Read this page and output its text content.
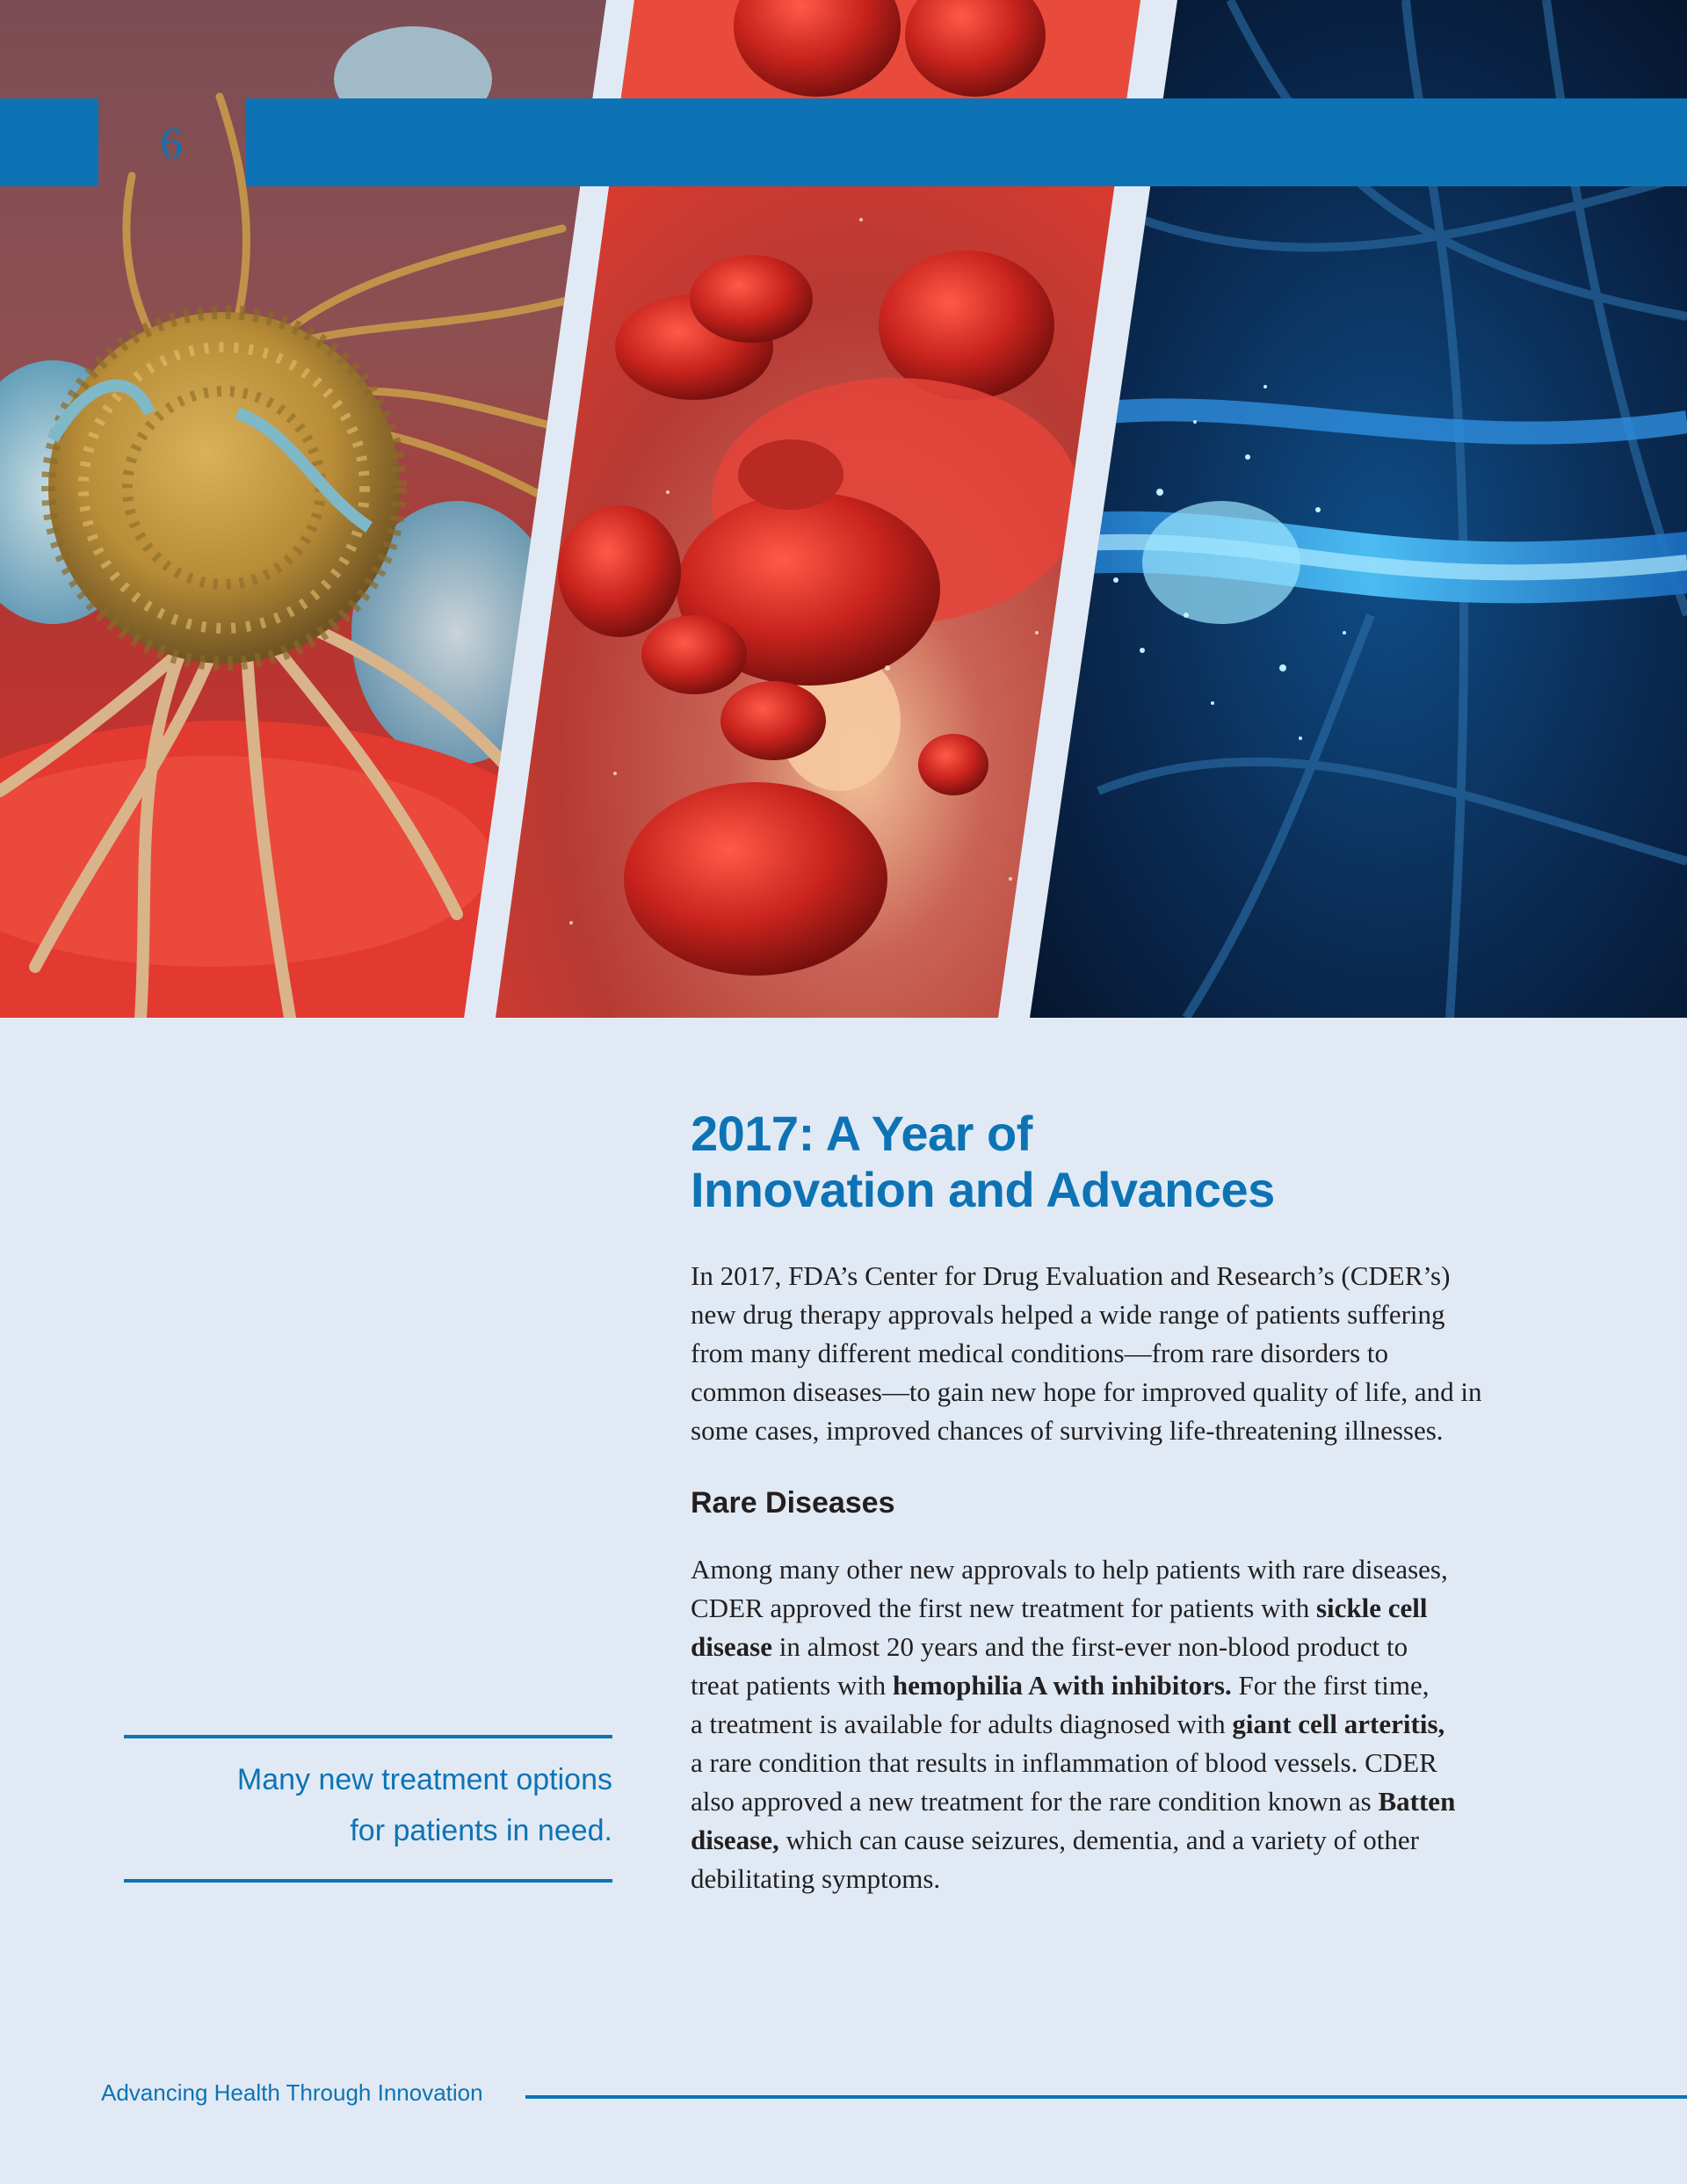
6
2017: A Year of
Innovation and Advances

In 2017, FDA’s Center for Drug Evaluation and Research’s (CDER’s)
new drug therapy approvals helped a wide range of patients suffering
from many different medical conditions—from rare disorders to
common diseases—to gain new hope for improved quality of life, and in
some cases, improved chances of surviving life-threatening illnesses.

Rare Diseases

Among many other new approvals to help patients with rare diseases,
CDER approved the first new treatment for patients with sickle cell
disease in almost 20 years and the first-ever non-blood product to
treat patients with hemophilia A with inhibitors. For the first time,
a treatment is available for adults diagnosed with giant cell arteritis,
a rare condition that results in inflammation of blood vessels. CDER
also approved a new treatment for the rare condition known as Batten
disease, which can cause seizures, dementia, and a variety of other
debilitating symptoms.

Many new treatment options
for patients in need.

Advancing Health Through Innovation
